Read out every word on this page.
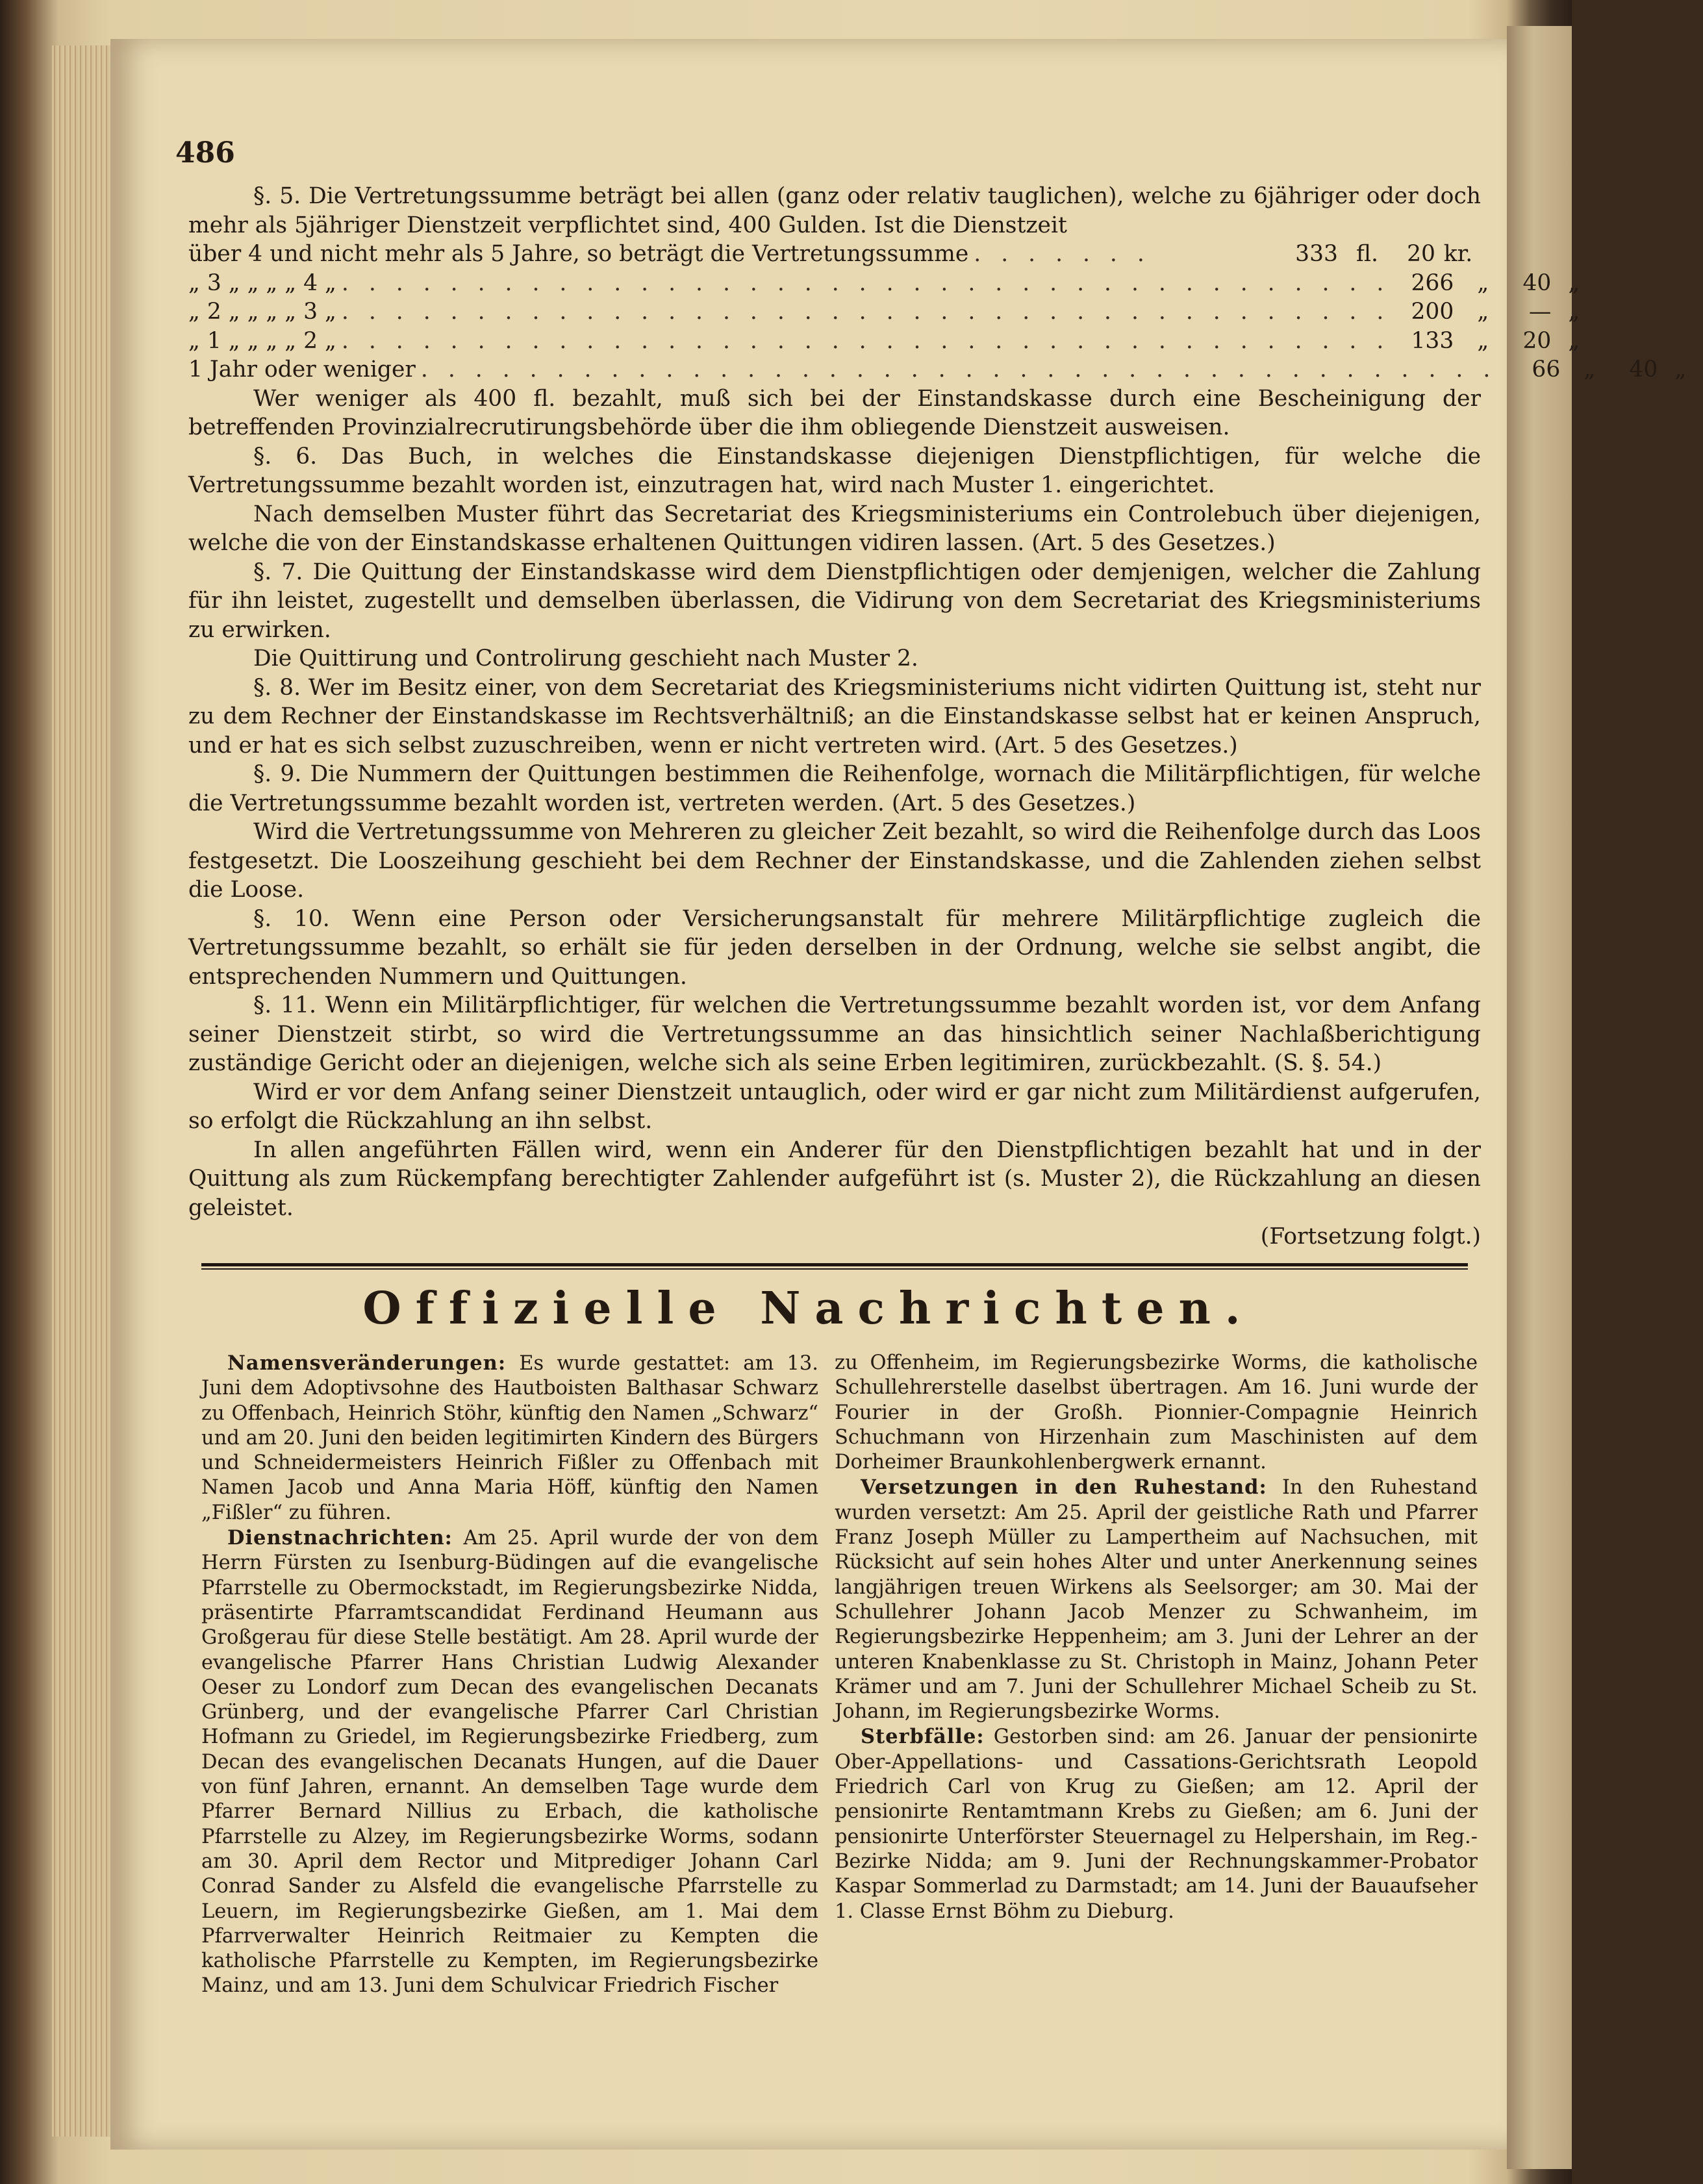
486

§. 5. Die Vertretungssumme beträgt bei allen (ganz oder relativ tauglichen), welche zu 6jähriger oder doch mehr als 5jähriger Dienstzeit verpflichtet sind, 400 Gulden. Ist die Dienstzeit

über 4 und nicht mehr als 5 Jahre, so beträgt die Vertretungssumme . . . . . . .	333 fl.	20 kr.
„ 3 „ „ „ „ 4 „ . . . . . . . . . . . . . . . . . . . . . . . . . . . . . . . . . . . . . . . 266	„	40 „
„ 2 „ „ „ „ 3 „ . . . . . . . . . . . . . . . . . . . . . . . . . . . . . . . . . . . . . . . 200	„	— „
„ 1 „ „ „ „ 2 „ . . . . . . . . . . . . . . . . . . . . . . . . . . . . . . . . . . . . . . . 133	„	20 „
1 Jahr oder weniger . . . . . . . . . . . . . . . . . . . . . . . . . . . . . . . . . . . . . . . .	66	„	40 „

Wer weniger als 400 fl. bezahlt, muß sich bei der Einstandskasse durch eine Bescheinigung der betreffenden Provinzialrecrutirungsbehörde über die ihm obliegende Dienstzeit ausweisen.

§. 6. Das Buch, in welches die Einstandskasse diejenigen Dienstpflichtigen, für welche die Vertretungssumme bezahlt worden ist, einzutragen hat, wird nach Muster 1. eingerichtet.

Nach demselben Muster führt das Secretariat des Kriegsministeriums ein Controlebuch über diejenigen, welche die von der Einstandskasse erhaltenen Quittungen vidiren lassen. (Art. 5 des Gesetzes.)

§. 7. Die Quittung der Einstandskasse wird dem Dienstpflichtigen oder demjenigen, welcher die Zahlung für ihn leistet, zugestellt und demselben überlassen, die Vidirung von dem Secretariat des Kriegsministeriums zu erwirken.

Die Quittirung und Controlirung geschieht nach Muster 2.

§. 8. Wer im Besitz einer, von dem Secretariat des Kriegsministeriums nicht vidirten Quittung ist, steht nur zu dem Rechner der Einstandskasse im Rechtsverhältniß; an die Einstandskasse selbst hat er keinen Anspruch, und er hat es sich selbst zuzuschreiben, wenn er nicht vertreten wird. (Art. 5 des Gesetzes.)

§. 9. Die Nummern der Quittungen bestimmen die Reihenfolge, wornach die Militärpflichtigen, für welche die Vertretungssumme bezahlt worden ist, vertreten werden. (Art. 5 des Gesetzes.)

Wird die Vertretungssumme von Mehreren zu gleicher Zeit bezahlt, so wird die Reihenfolge durch das Loos festgesetzt. Die Looszeihung geschieht bei dem Rechner der Einstandskasse, und die Zahlenden ziehen selbst die Loose.

§. 10. Wenn eine Person oder Versicherungsanstalt für mehrere Militärpflichtige zugleich die Vertretungssumme bezahlt, so erhält sie für jeden derselben in der Ordnung, welche sie selbst angibt, die entsprechenden Nummern und Quittungen.

§. 11. Wenn ein Militärpflichtiger, für welchen die Vertretungssumme bezahlt worden ist, vor dem Anfang seiner Dienstzeit stirbt, so wird die Vertretungssumme an das hinsichtlich seiner Nachlaßberichtigung zuständige Gericht oder an diejenigen, welche sich als seine Erben legitimiren, zurückbezahlt. (S. §. 54.)

Wird er vor dem Anfang seiner Dienstzeit untauglich, oder wird er gar nicht zum Militärdienst aufgerufen, so erfolgt die Rückzahlung an ihn selbst.

In allen angeführten Fällen wird, wenn ein Anderer für den Dienstpflichtigen bezahlt hat und in der Quittung als zum Rückempfang berechtigter Zahlender aufgeführt ist (s. Muster 2), die Rückzahlung an diesen geleistet.

(Fortsetzung folgt.)

Offizielle Nachrichten.

Namensveränderungen: Es wurde gestattet: am 13. Juni dem Adoptivsohne des Hautboisten Balthasar Schwarz zu Offenbach, Heinrich Stöhr, künftig den Namen „Schwarz“ und am 20. Juni den beiden legitimirten Kindern des Bürgers und Schneidermeisters Heinrich Fißler zu Offenbach mit Namen Jacob und Anna Maria Höff, künftig den Namen „Fißler“ zu führen.

Dienstnachrichten: Am 25. April wurde der von dem Herrn Fürsten zu Isenburg-Büdingen auf die evangelische Pfarrstelle zu Obermockstadt, im Regierungsbezirke Nidda, präsentirte Pfarramtscandidat Ferdinand Heumann aus Großgerau für diese Stelle bestätigt. Am 28. April wurde der evangelische Pfarrer Hans Christian Ludwig Alexander Oeser zu Londorf zum Decan des evangelischen Decanats Grünberg, und der evangelische Pfarrer Carl Christian Hofmann zu Griedel, im Regierungsbezirke Friedberg, zum Decan des evangelischen Decanats Hungen, auf die Dauer von fünf Jahren, ernannt. An demselben Tage wurde dem Pfarrer Bernard Nillius zu Erbach, die katholische Pfarrstelle zu Alzey, im Regierungsbezirke Worms, sodann am 30. April dem Rector und Mitprediger Johann Carl Conrad Sander zu Alsfeld die evangelische Pfarrstelle zu Leuern, im Regierungsbezirke Gießen, am 1. Mai dem Pfarrverwalter Heinrich Reitmaier zu Kempten die katholische Pfarrstelle zu Kempten, im Regierungsbezirke Mainz, und am 13. Juni dem Schulvicar Friedrich Fischer

zu Offenheim, im Regierungsbezirke Worms, die katholische Schullehrerstelle daselbst übertragen. Am 16. Juni wurde der Fourier in der Großh. Pionnier-Compagnie Heinrich Schuchmann von Hirzenhain zum Maschinisten auf dem Dorheimer Braunkohlenbergwerk ernannt.

Versetzungen in den Ruhestand: In den Ruhestand wurden versetzt: Am 25. April der geistliche Rath und Pfarrer Franz Joseph Müller zu Lampertheim auf Nachsuchen, mit Rücksicht auf sein hohes Alter und unter Anerkennung seines langjährigen treuen Wirkens als Seelsorger; am 30. Mai der Schullehrer Johann Jacob Menzer zu Schwanheim, im Regierungsbezirke Heppenheim; am 3. Juni der Lehrer an der unteren Knabenklasse zu St. Christoph in Mainz, Johann Peter Krämer und am 7. Juni der Schullehrer Michael Scheib zu St. Johann, im Regierungsbezirke Worms.

Sterbfälle: Gestorben sind: am 26. Januar der pensionirte Ober-Appellations- und Cassations-Gerichtsrath Leopold Friedrich Carl von Krug zu Gießen; am 12. April der pensionirte Rentamtmann Krebs zu Gießen; am 6. Juni der pensionirte Unterförster Steuernagel zu Helpershain, im Reg.-Bezirke Nidda; am 9. Juni der Rechnungskammer-Probator Kaspar Sommerlad zu Darmstadt; am 14. Juni der Bauaufseher 1. Classe Ernst Böhm zu Dieburg.
